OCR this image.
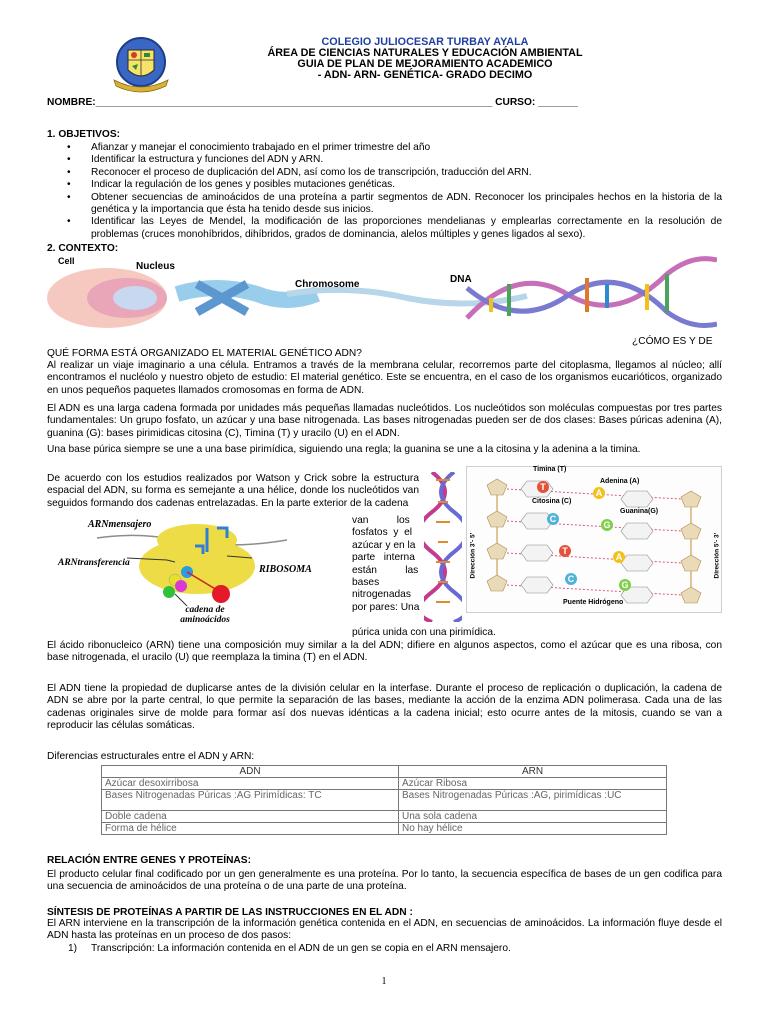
COLEGIO JULIOCESAR TURBAY AYALA
ÁREA DE CIENCIAS NATURALES Y EDUCACIÓN AMBIENTAL
GUIA DE PLAN DE MEJORAMIENTO ACADEMICO
- ADN- ARN- GENÉTICA- GRADO DECIMO
NOMBRE:______________________________________________________________________ CURSO: _______
1. OBJETIVOS:
• Afianzar y manejar el conocimiento trabajado en el primer trimestre del año
• Identificar la estructura y funciones del ADN y ARN.
• Reconocer el proceso de duplicación del ADN, así como los de transcripción, traducción del ARN.
• Indicar la regulación de los genes y posibles mutaciones genéticas.
• Obtener secuencias de aminoácidos de una proteína a partir segmentos de ADN. Reconocer los principales hechos en la historia de la genética y la importancia que ésta ha tenido desde sus inicios.
• Identificar las Leyes de Mendel, la modificación de las proporciones mendelianas y emplearlas correctamente en la resolución de problemas (cruces monohíbridos, dihíbridos, grados de dominancia, alelos múltiples y genes ligados al sexo).
2. CONTEXTO:
Cell	Nucleus
Chromosome	DNA
¿CÓMO ES Y DE
QUÉ FORMA ESTÁ ORGANIZADO EL MATERIAL GENÉTICO ADN?
Al realizar un viaje imaginario a una célula. Entramos a través de la membrana celular, recorremos parte del citoplasma, llegamos al núcleo; allí encontramos el nucléolo y nuestro objeto de estudio: El material genético. Este se encuentra, en el caso de los organismos eucarióticos, organizado en unos pequeños paquetes llamados cromosomas en forma de ADN.
El ADN es una larga cadena formada por unidades más pequeñas llamadas nucleótidos. Los nucleótidos son moléculas compuestas por tres partes fundamentales: Un grupo fosfato, un azúcar y una base nitrogenada. Las bases nitrogenadas pueden ser de dos clases: Bases púricas adenina (A), guanina (G): bases pirimidicas citosina (C), Timina (T) y uracilo (U) en el ADN.
Una base púrica siempre se une a una base pirimídica, siguiendo una regla; la guanina se une a la citosina y la adenina a la timina.
De acuerdo con los estudios realizados por Watson y Crick sobre la estructura espacial del ADN, su forma es semejante a una hélice, donde los nucleótidos van seguidos formando dos cadenas entrelazadas. En la parte exterior de la cadena
van          los
fosfatos  y  el
azúcar y en la
parte   interna
están          las
bases
nitrogenadas
por pares: Una
púrica unida con una pirimídica.
ARNmensajero
ARNtransferencia
RIBOSOMA
cadena de
aminoácidos
T
A
C
G
T
A
C
G
Timina (T)
Adenina (A)
Citosina (C)
Guanina(G)
Puente Hidrógeno
Dirección 3'- 5'	Dirección 5'- 3'
El ácido ribonucleico (ARN) tiene una composición muy similar a la del ADN; difiere en algunos aspectos, como el azúcar que es una ribosa, con base nitrogenada, el uracilo (U) que reemplaza la timina (T) en el ADN.
El ADN tiene la propiedad de duplicarse antes de la división celular en la interfase. Durante el proceso de replicación o duplicación, la cadena de ADN se abre por la parte central, lo que permite la separación de las bases, mediante la acción de la enzima ADN polimerasa. Cada una de las cadenas originales sirve de molde para formar así dos nuevas idénticas a la cadena inicial; esto ocurre antes de la mitosis, cuando se van a reproducir las células somáticas.
Diferencias estructurales entre el ADN y ARN:
ADN	ARN
Azúcar desoxirribosa	Azúcar Ribosa
Bases Nitrogenadas Púricas :AG Pirimídicas: TC	Bases Nitrogenadas Púricas :AG, pirimídicas :UC
Doble cadena	Una sola cadena
Forma de hélice	No hay hélice
RELACIÓN ENTRE GENES Y PROTEÍNAS:
El producto celular final codificado por un gen generalmente es una proteína. Por lo tanto, la secuencia específica de bases de un gen codifica para una secuencia de aminoácidos de una proteína o de una parte de una proteína.
SÍNTESIS DE PROTEÍNAS A PARTIR DE LAS INSTRUCCIONES EN EL ADN :
El ARN interviene en la transcripción de la información genética contenida en el ADN, en secuencias de aminoácidos. La información fluye desde el ADN hasta las proteínas en un proceso de dos pasos:
1) Transcripción: La información contenida en el ADN de un gen se copia en el ARN mensajero.
1
